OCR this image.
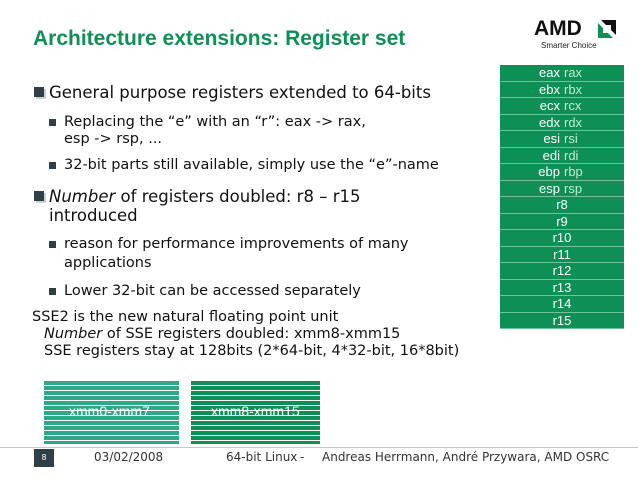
Architecture extensions: Register set	AMD
Smarter Choice
General purpose registers extended to 64-bits
Replacing the “e” with an “r”: eax -> rax,
esp -> rsp, ...
32-bit parts still available, simply use the “e”-name
Number of registers doubled: r8 – r15
introduced
reason for performance improvements of many
applications
Lower 32-bit can be accessed separately
SSE2 is the new natural floating point unit
Number of SSE registers doubled: xmm8-xmm15
SSE registers stay at 128bits (2*64-bit, 4*32-bit, 16*8bit)
eax rax
ebx rbx
ecx rcx
edx rdx
esi rsi
edi rdi
ebp rbp
esp rsp
r8
r9
r10
r11
r12
r13
r14
r15
xmm0-xmm7	xmm8-xmm15
8	03/02/2008	64-bit Linux - Andreas Herrmann, André Przywara, AMD OSRC
